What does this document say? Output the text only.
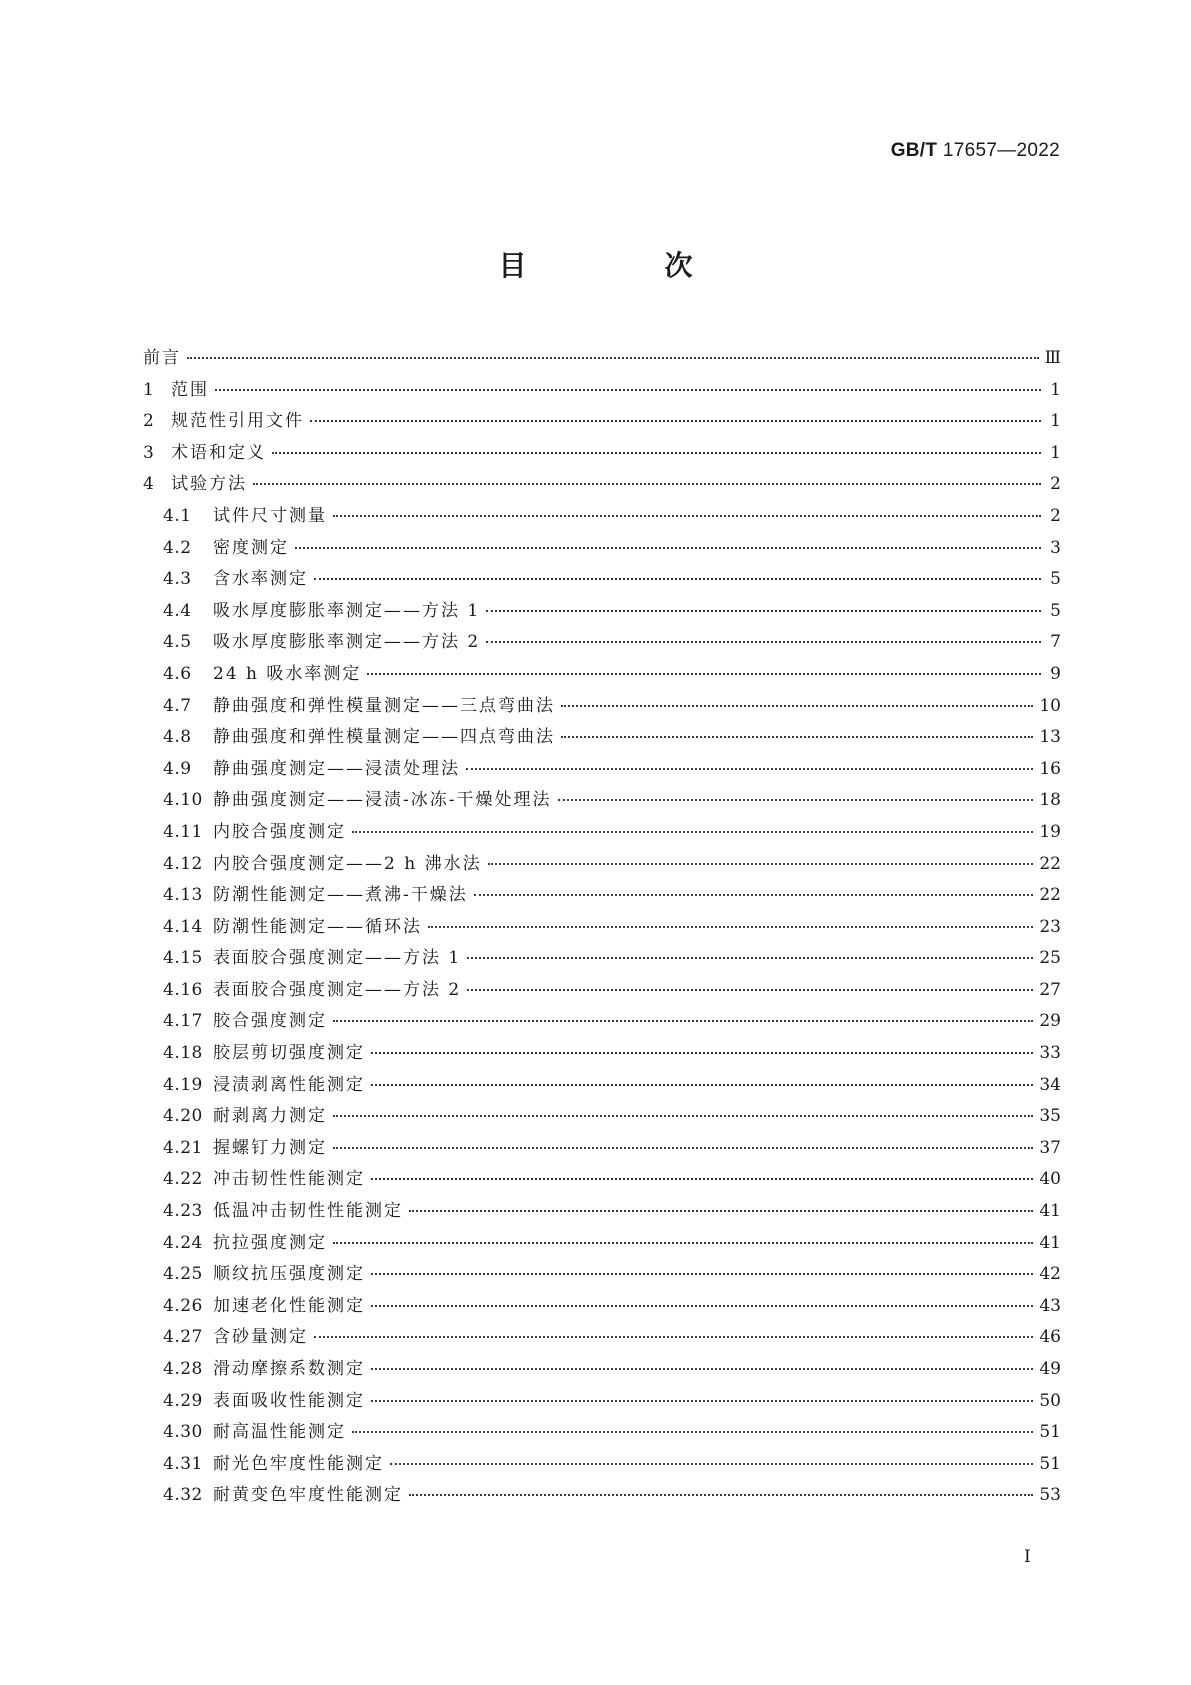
GB/T 17657—2022
目　次
前言	Ⅲ
1 范围	1
2 规范性引用文件	1
3 术语和定义	1
4 试验方法	2
4.1	试件尺寸测量	2
4.2	密度测定	3
4.3	含水率测定	5
4.4	吸水厚度膨胀率测定——方法 1	5
4.5	吸水厚度膨胀率测定——方法 2	7
4.6	24 h 吸水率测定	9
4.7	静曲强度和弹性模量测定——三点弯曲法	10
4.8	静曲强度和弹性模量测定——四点弯曲法	13
4.9	静曲强度测定——浸渍处理法	16
4.10 静曲强度测定——浸渍-冰冻-干燥处理法	18
4.11 内胶合强度测定	19
4.12 内胶合强度测定——2 h 沸水法	22
4.13 防潮性能测定——煮沸-干燥法	22
4.14 防潮性能测定——循环法	23
4.15 表面胶合强度测定——方法 1	25
4.16 表面胶合强度测定——方法 2	27
4.17 胶合强度测定	29
4.18 胶层剪切强度测定	33
4.19 浸渍剥离性能测定	34
4.20 耐剥离力测定	35
4.21 握螺钉力测定	37
4.22 冲击韧性性能测定	40
4.23 低温冲击韧性性能测定	41
4.24 抗拉强度测定	41
4.25 顺纹抗压强度测定	42
4.26 加速老化性能测定	43
4.27 含砂量测定	46
4.28 滑动摩擦系数测定	49
4.29 表面吸收性能测定	50
4.30 耐高温性能测定	51
4.31 耐光色牢度性能测定	51
4.32 耐黄变色牢度性能测定	53
I
